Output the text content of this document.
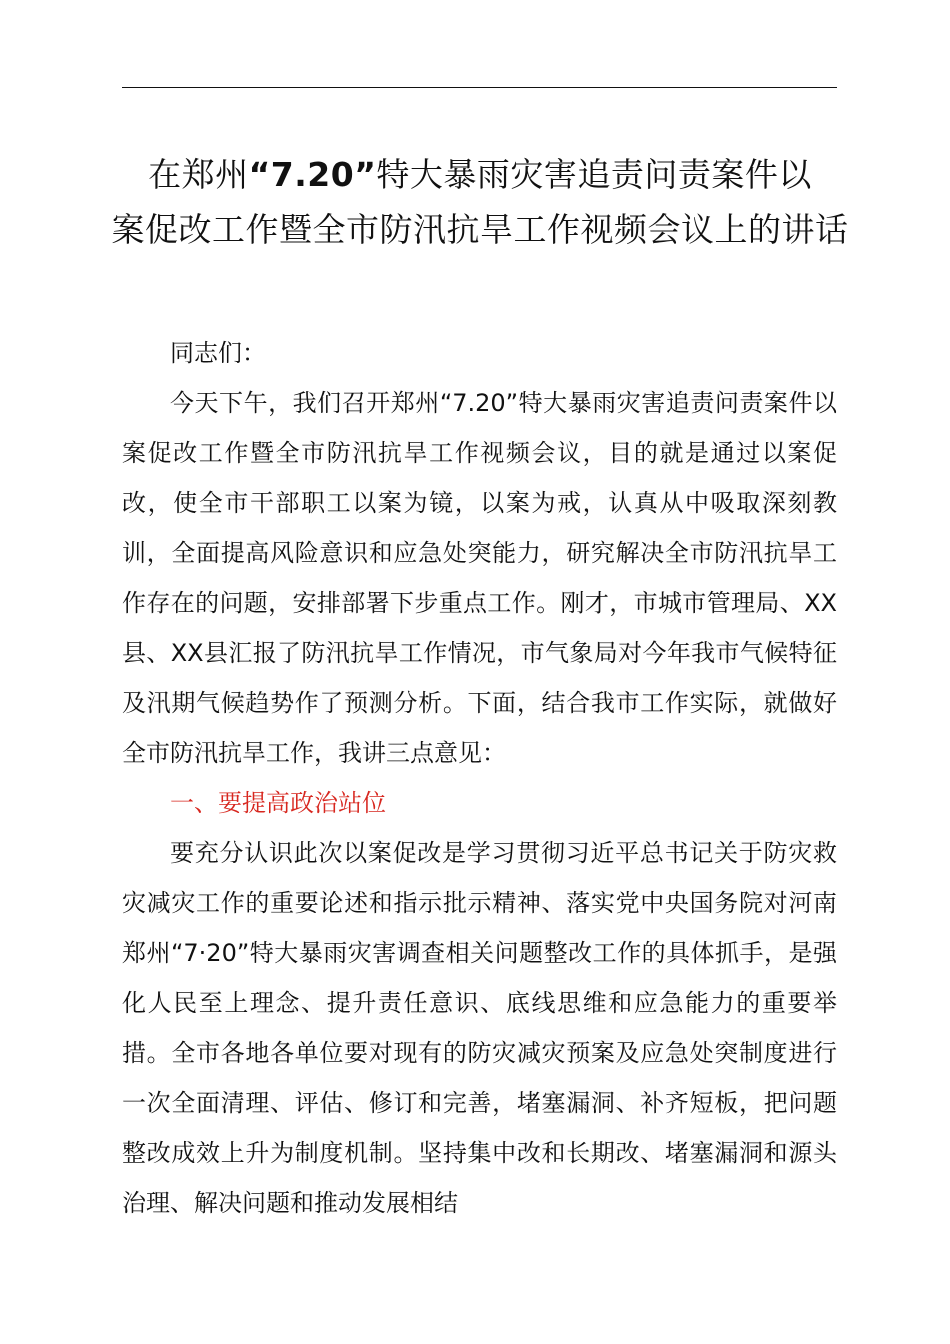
在郑州“7.20”特大暴雨灾害追责问责案件以
案促改工作暨全市防汛抗旱工作视频会议上的讲话

同志们：

今天下午，我们召开郑州“7.20”特大暴雨灾害追责问责案件以案促改工作暨全市防汛抗旱工作视频会议，目的就是通过以案促改，使全市干部职工以案为镜，以案为戒，认真从中吸取深刻教训，全面提高风险意识和应急处突能力，研究解决全市防汛抗旱工作存在的问题，安排部署下步重点工作。刚才，市城市管理局、XX县、XX县汇报了防汛抗旱工作情况，市气象局对今年我市气候特征及汛期气候趋势作了预测分析。下面，结合我市工作实际，就做好全市防汛抗旱工作，我讲三点意见：

一、要提高政治站位

要充分认识此次以案促改是学习贯彻习近平总书记关于防灾救灾减灾工作的重要论述和指示批示精神、落实党中央国务院对河南郑州“7·20”特大暴雨灾害调查相关问题整改工作的具体抓手，是强化人民至上理念、提升责任意识、底线思维和应急能力的重要举措。全市各地各单位要对现有的防灾减灾预案及应急处突制度进行一次全面清理、评估、修订和完善，堵塞漏洞、补齐短板，把问题整改成效上升为制度机制。坚持集中改和长期改、堵塞漏洞和源头治理、解决问题和推动发展相结
